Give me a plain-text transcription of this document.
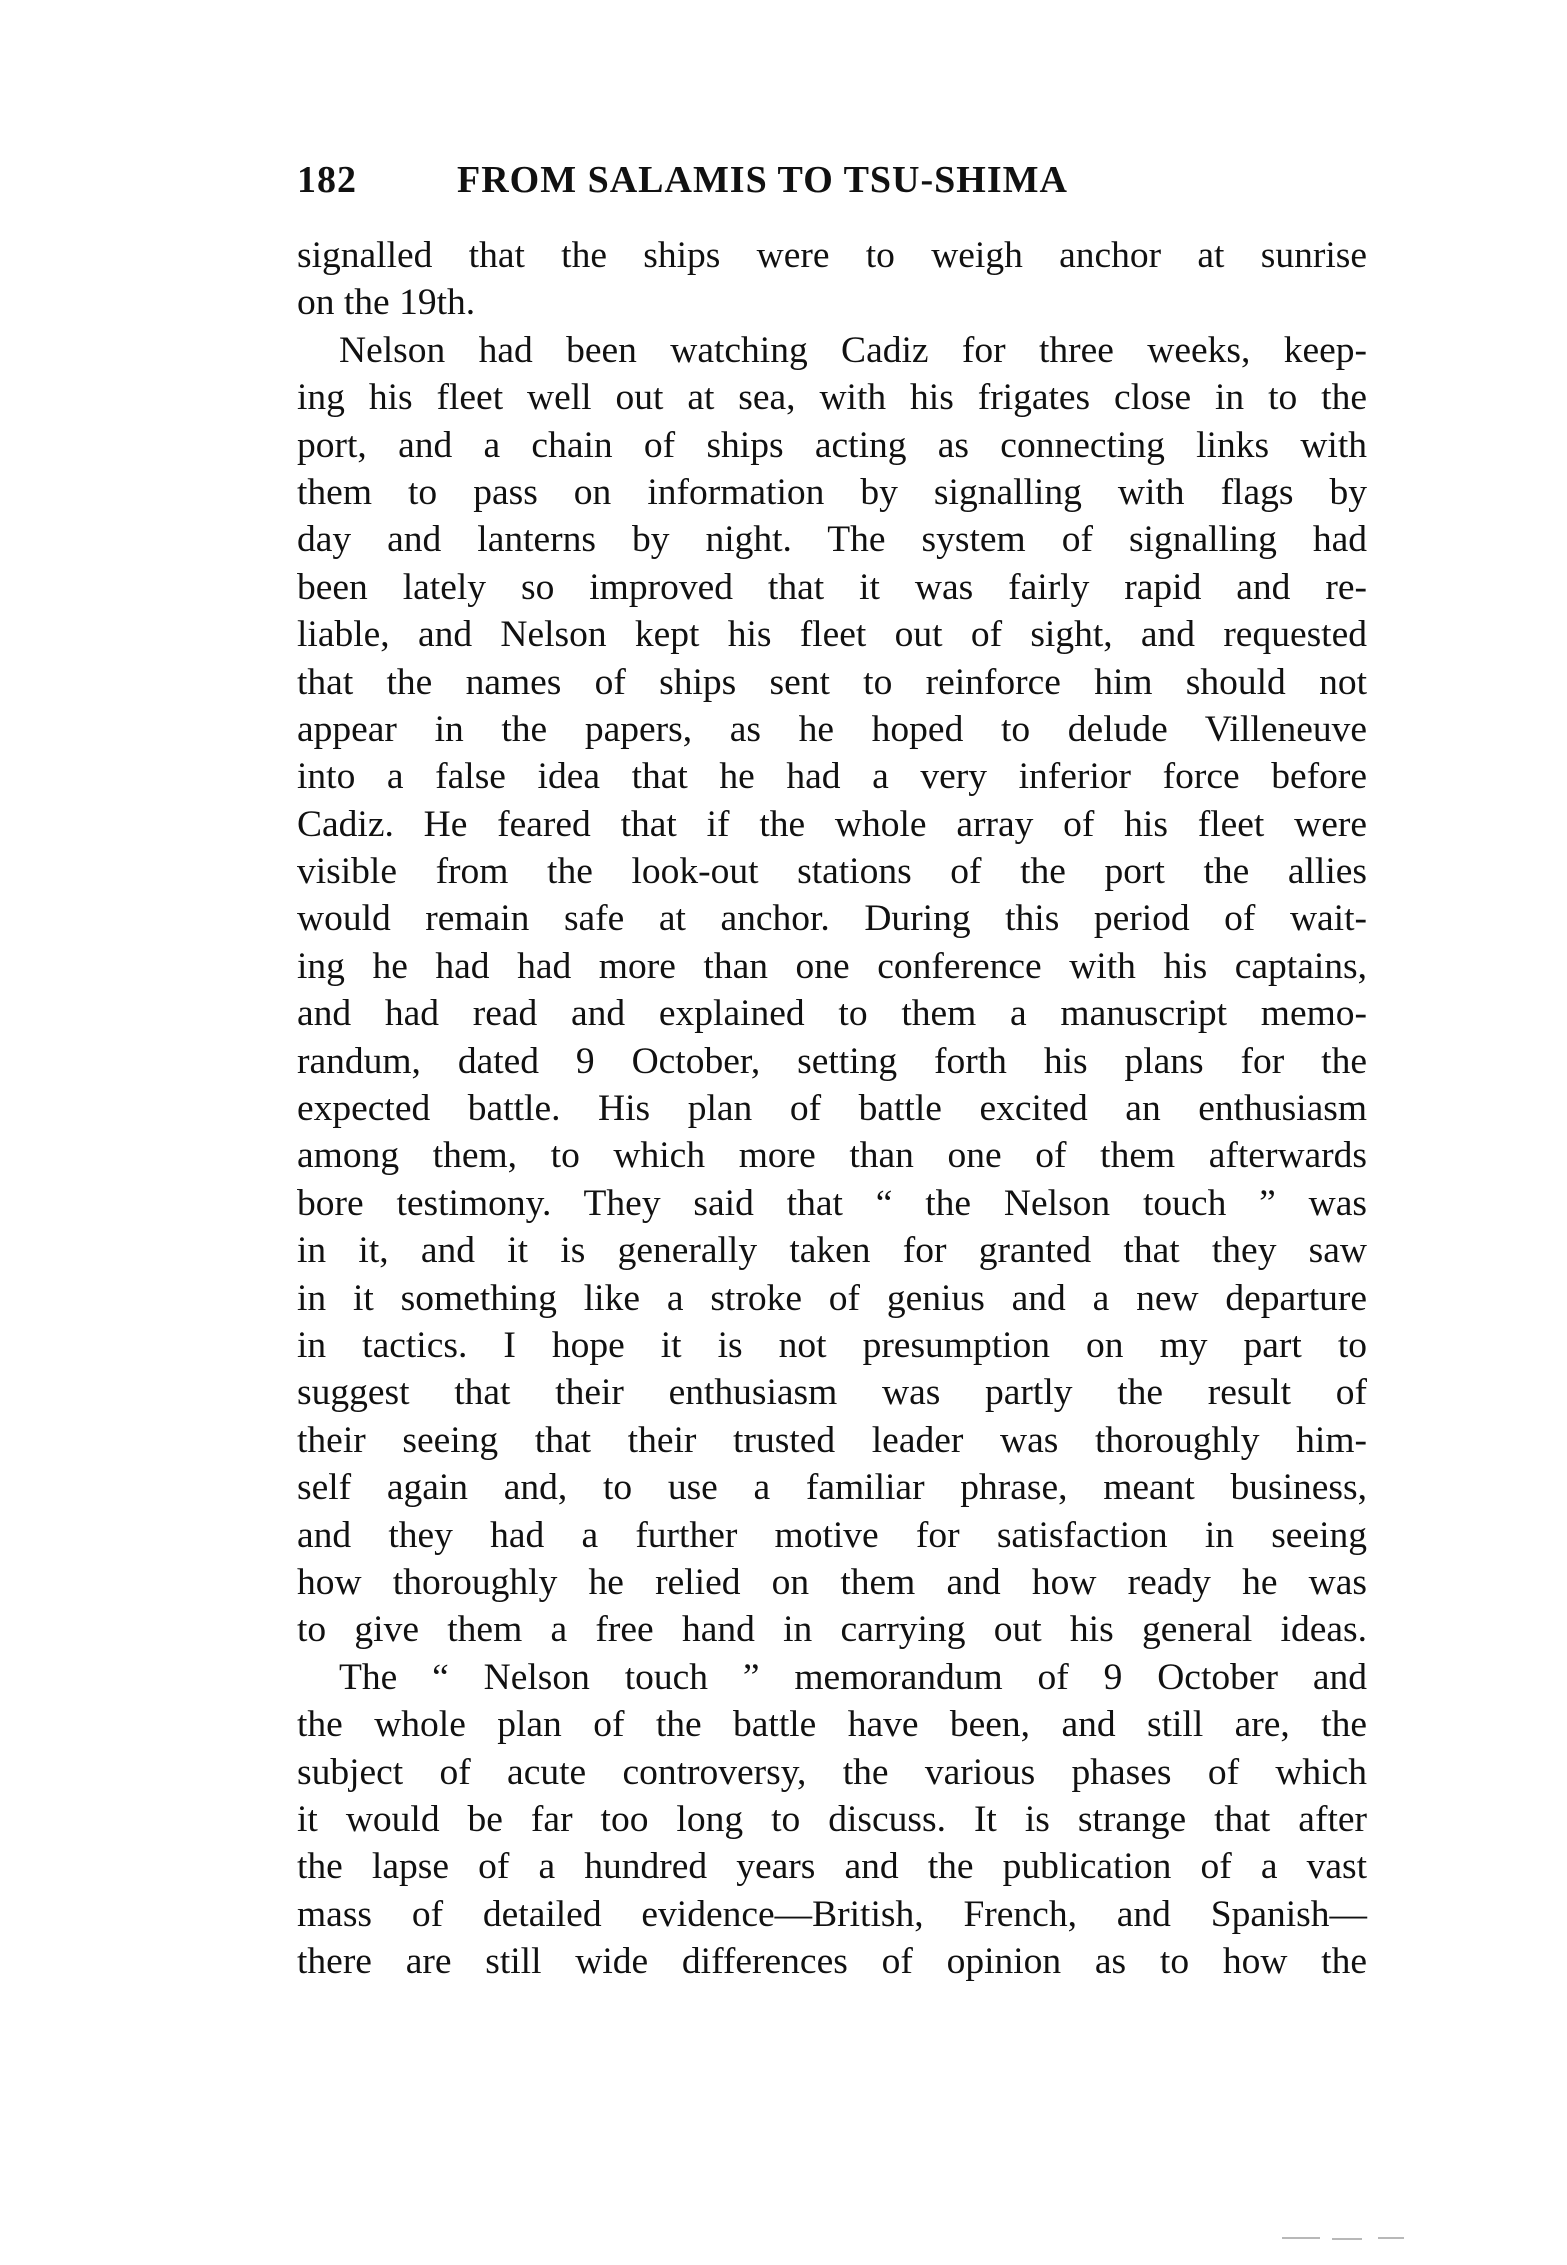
182	FROM SALAMIS TO TSU-SHIMA
signalled that the ships were to weigh anchor at sunrise
on the 19th.
Nelson had been watching Cadiz for three weeks, keep-
ing his fleet well out at sea, with his frigates close in to the
port, and a chain of ships acting as connecting links with
them to pass on information by signalling with flags by
day and lanterns by night. The system of signalling had
been lately so improved that it was fairly rapid and re-
liable, and Nelson kept his fleet out of sight, and requested
that the names of ships sent to reinforce him should not
appear in the papers, as he hoped to delude Villeneuve
into a false idea that he had a very inferior force before
Cadiz. He feared that if the whole array of his fleet were
visible from the look-out stations of the port the allies
would remain safe at anchor. During this period of wait-
ing he had had more than one conference with his captains,
and had read and explained to them a manuscript memo-
randum, dated 9 October, setting forth his plans for the
expected battle. His plan of battle excited an enthusiasm
among them, to which more than one of them afterwards
bore testimony. They said that “ the Nelson touch ” was
in it, and it is generally taken for granted that they saw
in it something like a stroke of genius and a new departure
in tactics. I hope it is not presumption on my part to
suggest that their enthusiasm was partly the result of
their seeing that their trusted leader was thoroughly him-
self again and, to use a familiar phrase, meant business,
and they had a further motive for satisfaction in seeing
how thoroughly he relied on them and how ready he was
to give them a free hand in carrying out his general ideas.
The “ Nelson touch ” memorandum of 9 October and
the whole plan of the battle have been, and still are, the
subject of acute controversy, the various phases of which
it would be far too long to discuss. It is strange that after
the lapse of a hundred years and the publication of a vast
mass of detailed evidence—British, French, and Spanish—
there are still wide differences of opinion as to how the
